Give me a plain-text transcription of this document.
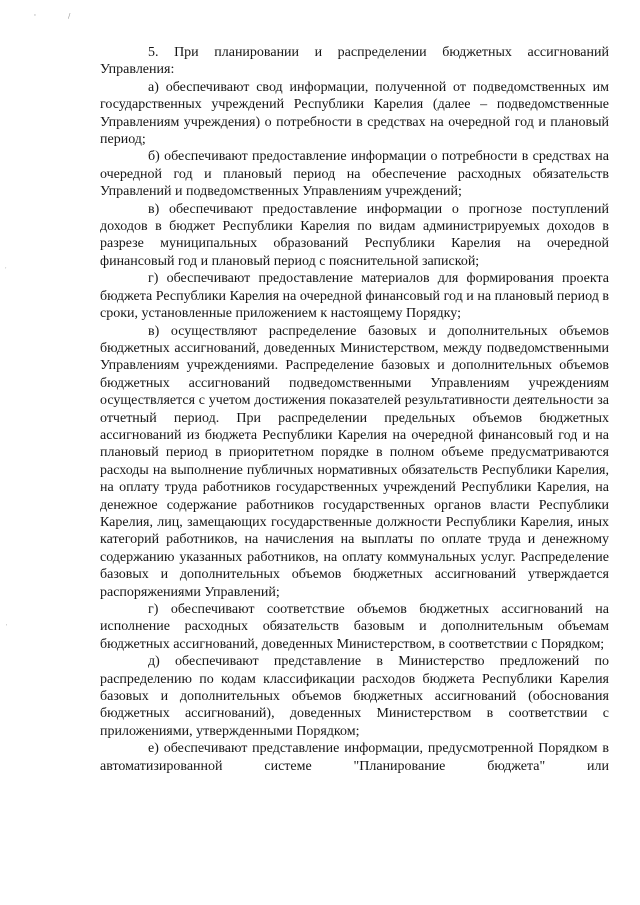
'	/
,
'

5. При планировании и распределении бюджетных ассигнований Управления:

а) обеспечивают свод информации, полученной от подведомственных им государственных учреждений Республики Карелия (далее – подведомственные Управлениям учреждения) о потребности в средствах на очередной год и плановый период;

б) обеспечивают предоставление информации о потребности в средствах на очередной год и плановый период на обеспечение расходных обязательств Управлений и подведомственных Управлениям учреждений;

в) обеспечивают предоставление информации о прогнозе поступлений доходов в бюджет Республики Карелия по видам администрируемых доходов в разрезе муниципальных образований Республики Карелия на очередной финансовый год и плановый период с пояснительной запиской;

г) обеспечивают предоставление материалов для формирования проекта бюджета Республики Карелия на очередной финансовый год и на плановый период в сроки, установленные приложением к настоящему Порядку;

в) осуществляют распределение базовых и дополнительных объемов бюджетных ассигнований, доведенных Министерством, между подведомственными Управлениям учреждениями. Распределение базовых и дополнительных объемов бюджетных ассигнований подведомственными Управлениям учреждениям осуществляется с учетом достижения показателей результативности деятельности за отчетный период. При распределении предельных объемов бюджетных ассигнований из бюджета Республики Карелия на очередной финансовый год и на плановый период в приоритетном порядке в полном объеме предусматриваются расходы на выполнение публичных нормативных обязательств Республики Карелия, на оплату труда работников государственных учреждений Республики Карелия, на денежное содержание работников государственных органов власти Республики Карелия, лиц, замещающих государственные должности Республики Карелия, иных категорий работников, на начисления на выплаты по оплате труда и денежному содержанию указанных работников, на оплату коммунальных услуг. Распределение базовых и дополнительных объемов бюджетных ассигнований утверждается распоряжениями Управлений;

г) обеспечивают соответствие объемов бюджетных ассигнований на исполнение расходных обязательств базовым и дополнительным объемам бюджетных ассигнований, доведенных Министерством, в соответствии с Порядком;

д) обеспечивают представление в Министерство предложений по распределению по кодам классификации расходов бюджета Республики Карелия базовых и дополнительных объемов бюджетных ассигнований (обоснования бюджетных ассигнований), доведенных Министерством в соответствии с приложениями, утвержденными Порядком;

е) обеспечивают представление информации, предусмотренной Порядком в автоматизированной системе "Планирование бюджета" или
